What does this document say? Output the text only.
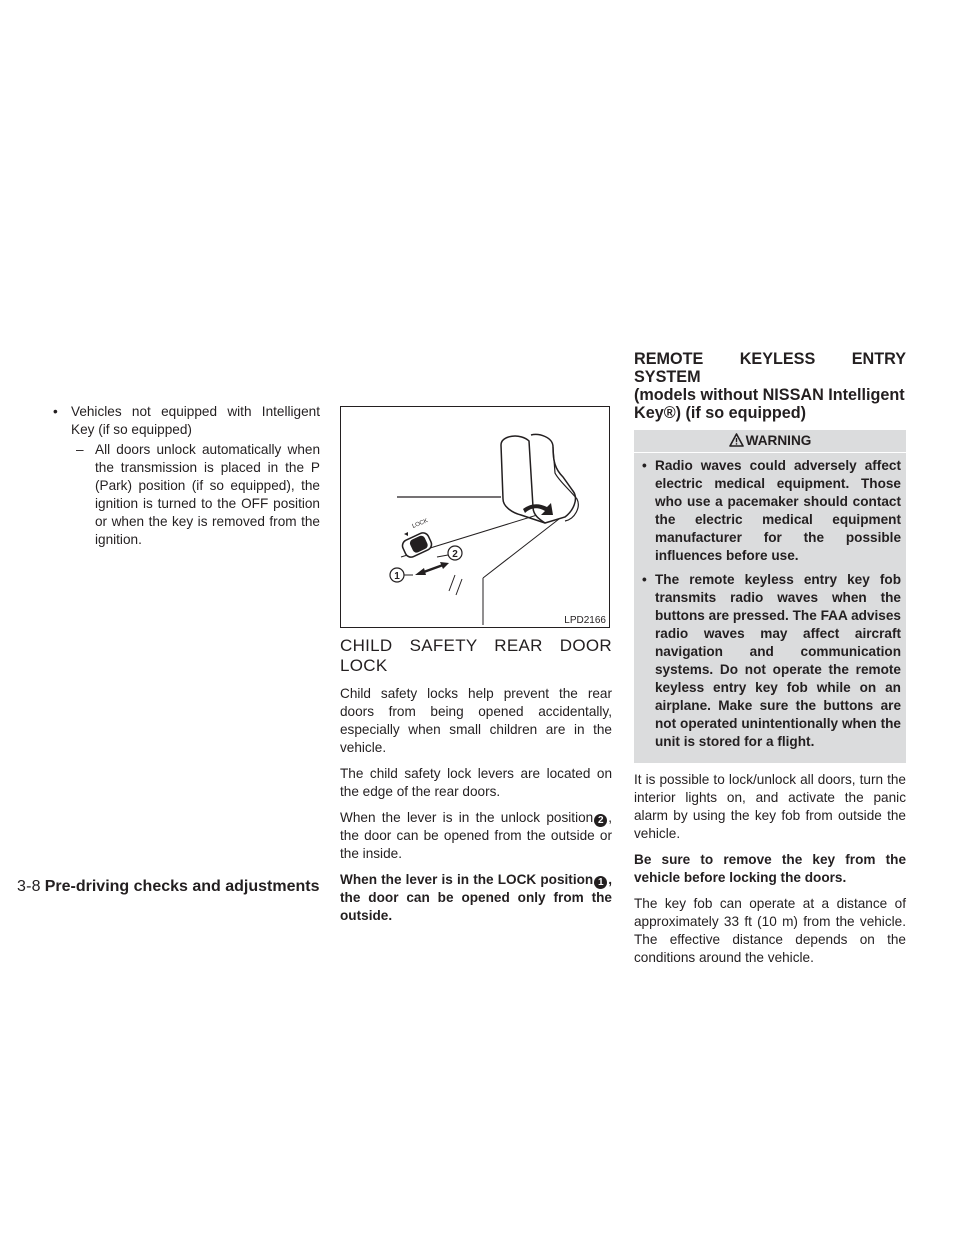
• Vehicles not equipped with Intelligent Key (if so equipped)
– All doors unlock automatically when the transmission is placed in the P (Park) position (if so equipped), the ignition is turned to the OFF position or when the key is removed from the ignition.
LOCK
1
2
LPD2166
CHILD SAFETY REAR DOOR LOCK

Child safety locks help prevent the rear doors from being opened accidentally, especially when small children are in the vehicle.

The child safety lock levers are located on the edge of the rear doors.

When the lever is in the unlock position 2 , the door can be opened from the outside or the inside.

When the lever is in the LOCK position 1 , the door can be opened only from the outside.

REMOTE KEYLESS ENTRY SYSTEM
(models without NISSAN Intelligent
Key®) (if so equipped)
WARNING
• Radio waves could adversely affect electric medical equipment. Those who use a pacemaker should contact the electric medical equipment manufacturer for the possible influences before use.
• The remote keyless entry key fob transmits radio waves when the buttons are pressed. The FAA advises radio waves may affect aircraft navigation and communication systems. Do not operate the remote keyless entry key fob while on an airplane. Make sure the buttons are not operated unintentionally when the unit is stored for a flight.

It is possible to lock/unlock all doors, turn the interior lights on, and activate the panic alarm by using the key fob from outside the vehicle.

Be sure to remove the key from the vehicle before locking the doors.

The key fob can operate at a distance of approximately 33 ft (10 m) from the vehicle. The effective distance depends on the conditions around the vehicle.

3-8 Pre-driving checks and adjustments
